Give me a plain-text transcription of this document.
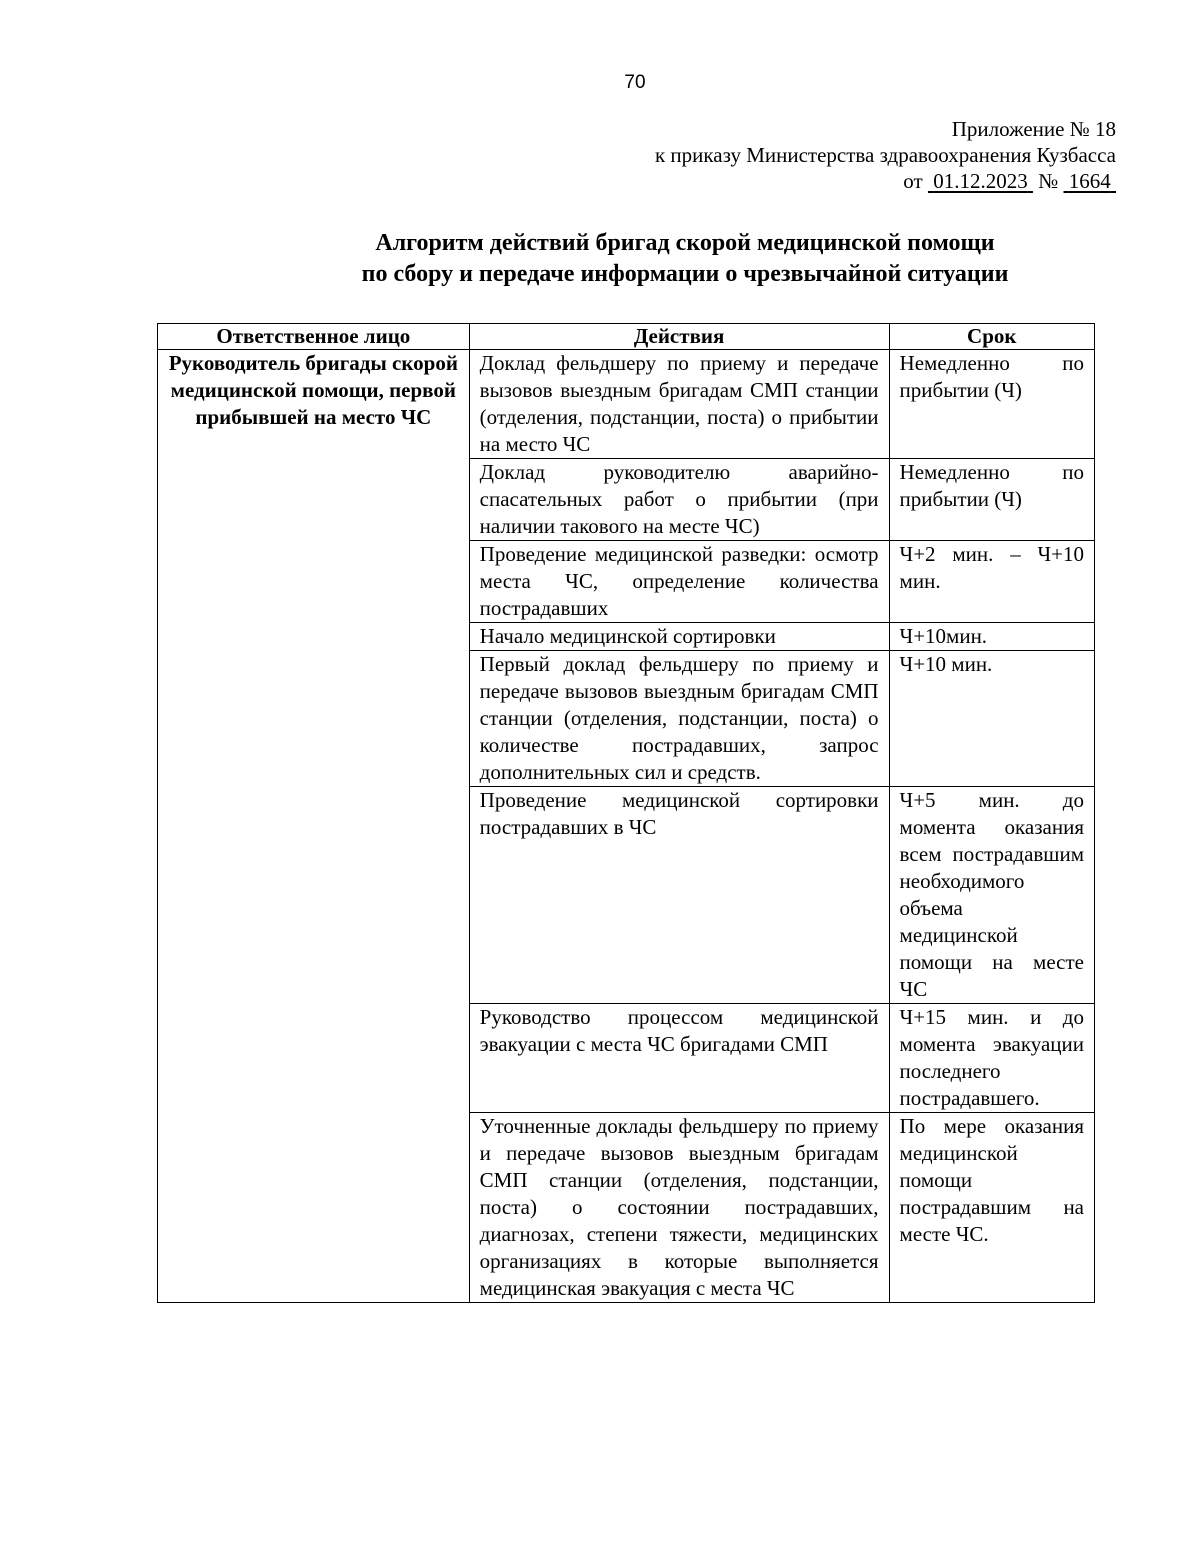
70
Приложение № 18
к приказу Министерства здравоохранения Кузбасса
от 01.12.2023 № 1664
Алгоритм действий бригад скорой медицинской помощи
по сбору и передаче информации о чрезвычайной ситуации
Ответственное лицо	Действия	Срок
Руководитель бригады скорой медицинской помощи, первой прибывшей на место ЧС	Доклад фельдшеру по приему и передаче вызовов выездным бригадам СМП станции (отделения, подстанции, поста) о прибытии на место ЧС	Немедленно по прибытии (Ч)
	Доклад руководителю аварийно-спасательных работ о прибытии (при наличии такового на месте ЧС)	Немедленно по прибытии (Ч)
	Проведение медицинской разведки: осмотр места ЧС, определение количества пострадавших	Ч+2 мин. – Ч+10 мин.
	Начало медицинской сортировки	Ч+10мин.
	Первый доклад фельдшеру по приему и передаче вызовов выездным бригадам СМП станции (отделения, подстанции, поста) о количестве пострадавших, запрос дополнительных сил и средств.	Ч+10 мин.
	Проведение медицинской сортировки пострадавших в ЧС	Ч+5 мин. до момента оказания всем пострадавшим необходимого объема медицинской помощи на месте ЧС
	Руководство процессом медицинской эвакуации с места ЧС бригадами СМП	Ч+15 мин. и до момента эвакуации последнего пострадавшего.
	Уточненные доклады фельдшеру по приему и передаче вызовов выездным бригадам СМП станции (отделения, подстанции, поста) о состоянии пострадавших, диагнозах, степени тяжести, медицинских организациях в которые выполняется медицинская эвакуация с места ЧС	По мере оказания медицинской помощи пострадавшим на месте ЧС.
